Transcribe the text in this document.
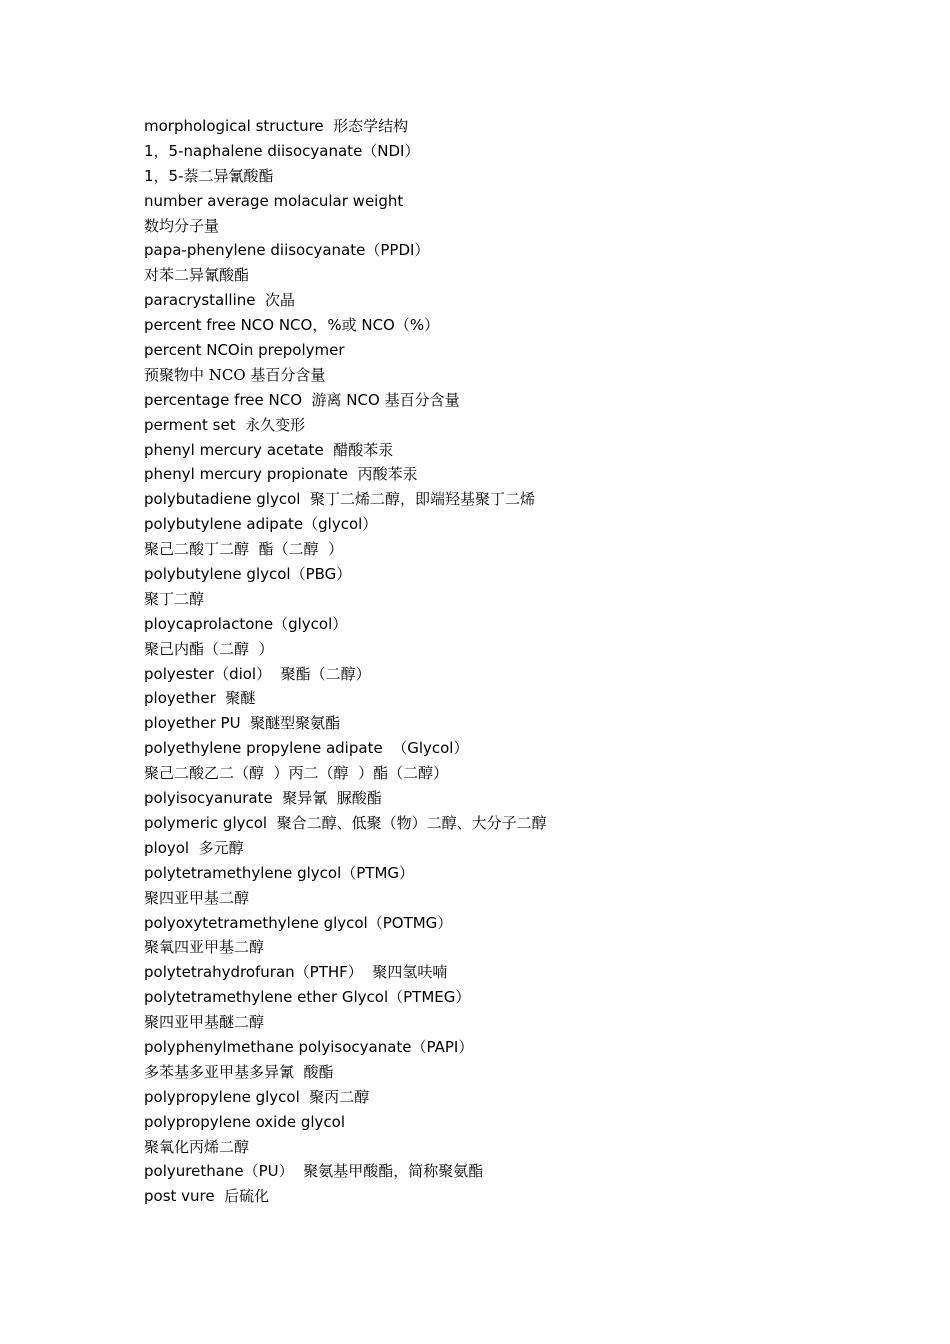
morphological structure  形态学结构
1，5-naphalene diisocyanate（NDI）
1，5-萘二异氰酸酯
number average molacular weight
数均分子量
papa-phenylene diisocyanate（PPDI）
对苯二异氰酸酯
paracrystalline  次晶
percent free NCO NCO，%或 NCO（%）
percent NCOin prepolymer
预聚物中 NCO 基百分含量
percentage free NCO  游离 NCO 基百分含量
perment set  永久变形
phenyl mercury acetate  醋酸苯汞
phenyl mercury propionate  丙酸苯汞
polybutadiene glycol  聚丁二烯二醇，即端羟基聚丁二烯
polybutylene adipate（glycol）
聚己二酸丁二醇  酯（二醇  ）
polybutylene glycol（PBG）
聚丁二醇
ploycaprolactone（glycol）
聚己内酯（二醇  ）
polyester（diol）  聚酯（二醇）
ployether  聚醚
ployether PU  聚醚型聚氨酯
polyethylene propylene adipate  （Glycol）
聚己二酸乙二（醇  ）丙二（醇  ）酯（二醇）
polyisocyanurate  聚异氰  脲酸酯
polymeric glycol  聚合二醇、低聚（物）二醇、大分子二醇
ployol  多元醇
polytetramethylene glycol（PTMG）
聚四亚甲基二醇
polyoxytetramethylene glycol（POTMG）
聚氧四亚甲基二醇
polytetrahydrofuran（PTHF）  聚四氢呋喃
polytetramethylene ether Glycol（PTMEG）
聚四亚甲基醚二醇
polyphenylmethane polyisocyanate（PAPI）
多苯基多亚甲基多异氰  酸酯
polypropylene glycol  聚丙二醇
polypropylene oxide glycol
聚氧化丙烯二醇
polyurethane（PU）  聚氨基甲酸酯，简称聚氨酯
post vure  后硫化
